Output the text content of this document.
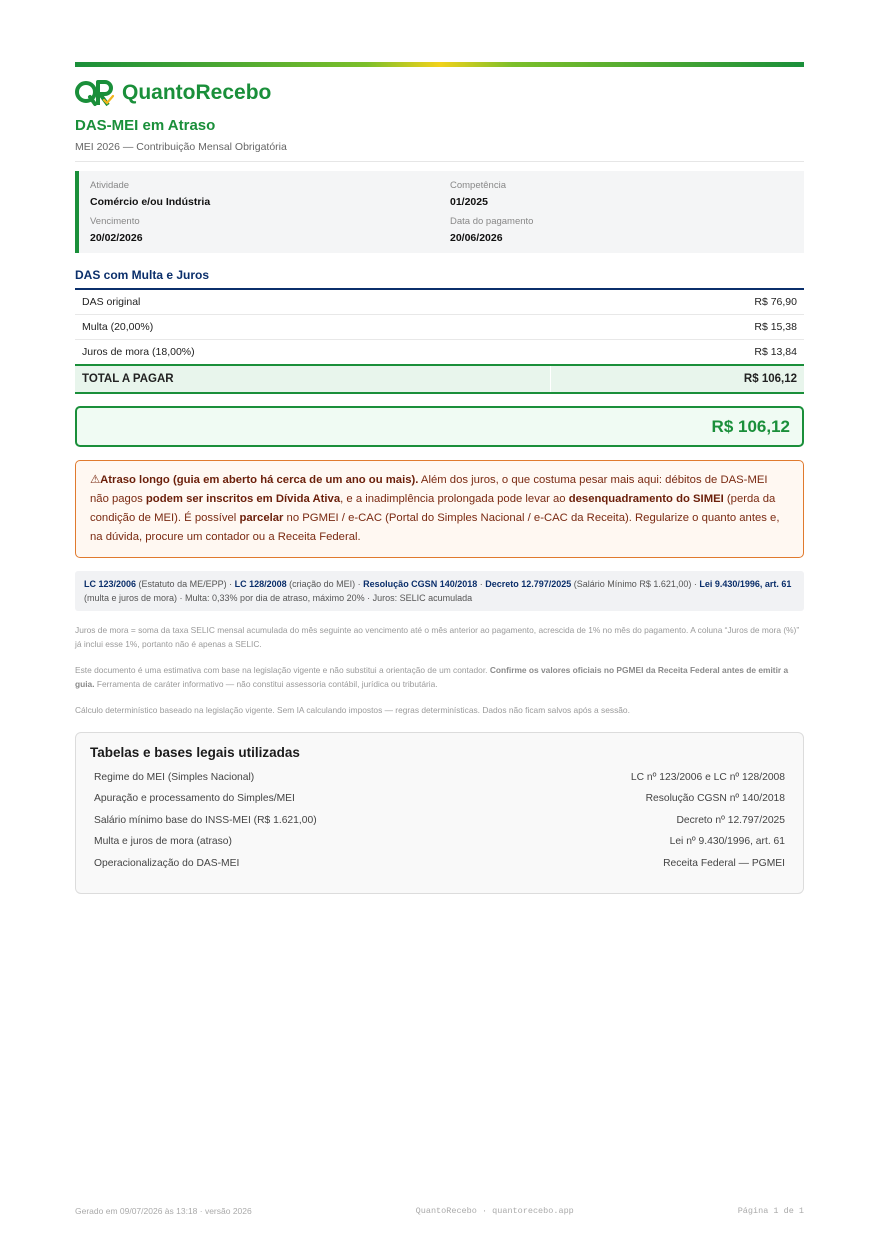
QuantoRecebo
DAS-MEI em Atraso
MEI 2026 — Contribuição Mensal Obrigatória
Atividade
Comércio e/ou Indústria
Competência
01/2025
Vencimento
20/02/2026
Data do pagamento
20/06/2026
DAS com Multa e Juros
DAS original	R$ 76,90
Multa (20,00%)	R$ 15,38
Juros de mora (18,00%)	R$ 13,84
TOTAL A PAGAR	R$ 106,12
R$ 106,12
⚠Atraso longo (guia em aberto há cerca de um ano ou mais). Além dos juros, o que costuma pesar mais aqui: débitos de DAS-MEI não pagos podem ser inscritos em Dívida Ativa, e a inadimplência prolongada pode levar ao desenquadramento do SIMEI (perda da condição de MEI). É possível parcelar no PGMEI / e-CAC (Portal do Simples Nacional / e-CAC da Receita). Regularize o quanto antes e, na dúvida, procure um contador ou a Receita Federal.
LC 123/2006 (Estatuto da ME/EPP) · LC 128/2008 (criação do MEI) · Resolução CGSN 140/2018 · Decreto 12.797/2025 (Salário Mínimo R$ 1.621,00) · Lei 9.430/1996, art. 61 (multa e juros de mora) · Multa: 0,33% por dia de atraso, máximo 20% · Juros: SELIC acumulada
Juros de mora = soma da taxa SELIC mensal acumulada do mês seguinte ao vencimento até o mês anterior ao pagamento, acrescida de 1% no mês do pagamento. A coluna “Juros de mora (%)” já inclui esse 1%, portanto não é apenas a SELIC.
Este documento é uma estimativa com base na legislação vigente e não substitui a orientação de um contador. Confirme os valores oficiais no PGMEI da Receita Federal antes de emitir a guia. Ferramenta de caráter informativo — não constitui assessoria contábil, jurídica ou tributária.
Cálculo determinístico baseado na legislação vigente. Sem IA calculando impostos — regras determinísticas. Dados não ficam salvos após a sessão.
Tabelas e bases legais utilizadas
Regime do MEI (Simples Nacional)	LC nº 123/2006 e LC nº 128/2008
Apuração e processamento do Simples/MEI	Resolução CGSN nº 140/2018
Salário mínimo base do INSS-MEI (R$ 1.621,00)	Decreto nº 12.797/2025
Multa e juros de mora (atraso)	Lei nº 9.430/1996, art. 61
Operacionalização do DAS-MEI	Receita Federal — PGMEI
Gerado em 09/07/2026 às 13:18 · versão 2026	QuantoRecebo · quantorecebo.app	Página 1 de 1
